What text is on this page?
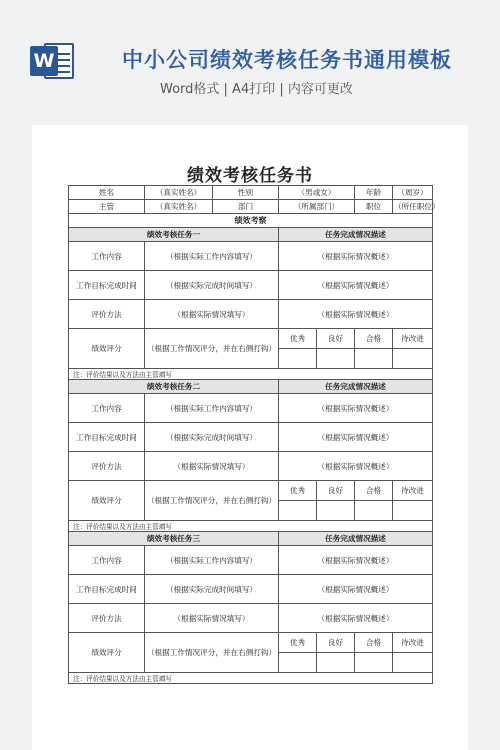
W	中小公司绩效考核任务书通用模板
Word格式 | A4打印 | 内容可更改
绩效考核任务书
姓名	（真实姓名）	性别	（男或女）		年龄	（周岁）
主管	（真实姓名）	部门	（所属部门）		职位	（所任职位）
绩效考察						
绩效考核任务一			任务完成情况描述			
工作内容	（根据实际工作内容填写）		（根据实际情况概述）			
工作目标完成时间	（根据实际完成时间填写）		（根据实际情况概述）			
评价方法	（根据实际情况填写）		（根据实际情况概述）			
绩效评分	（根据工作情况评分，并在右侧打钩）		优秀	良好	合格	待改进

注：评价结果以及方法由主管填写						
绩效考核任务二			任务完成情况描述			
工作内容	（根据实际工作内容填写）		（根据实际情况概述）			
工作目标完成时间	（根据实际完成时间填写）		（根据实际情况概述）			
评价方法	（根据实际情况填写）		（根据实际情况概述）			
绩效评分	（根据工作情况评分，并在右侧打钩）		优秀	良好	合格	待改进

注：评价结果以及方法由主管填写						
绩效考核任务三			任务完成情况描述			
工作内容	（根据实际工作内容填写）		（根据实际情况概述）			
工作目标完成时间	（根据实际完成时间填写）		（根据实际情况概述）			
评价方法	（根据实际情况填写）		（根据实际情况概述）			
绩效评分	（根据工作情况评分，并在右侧打钩）		优秀	良好	合格	待改进

注：评价结果以及方法由主管填写						
